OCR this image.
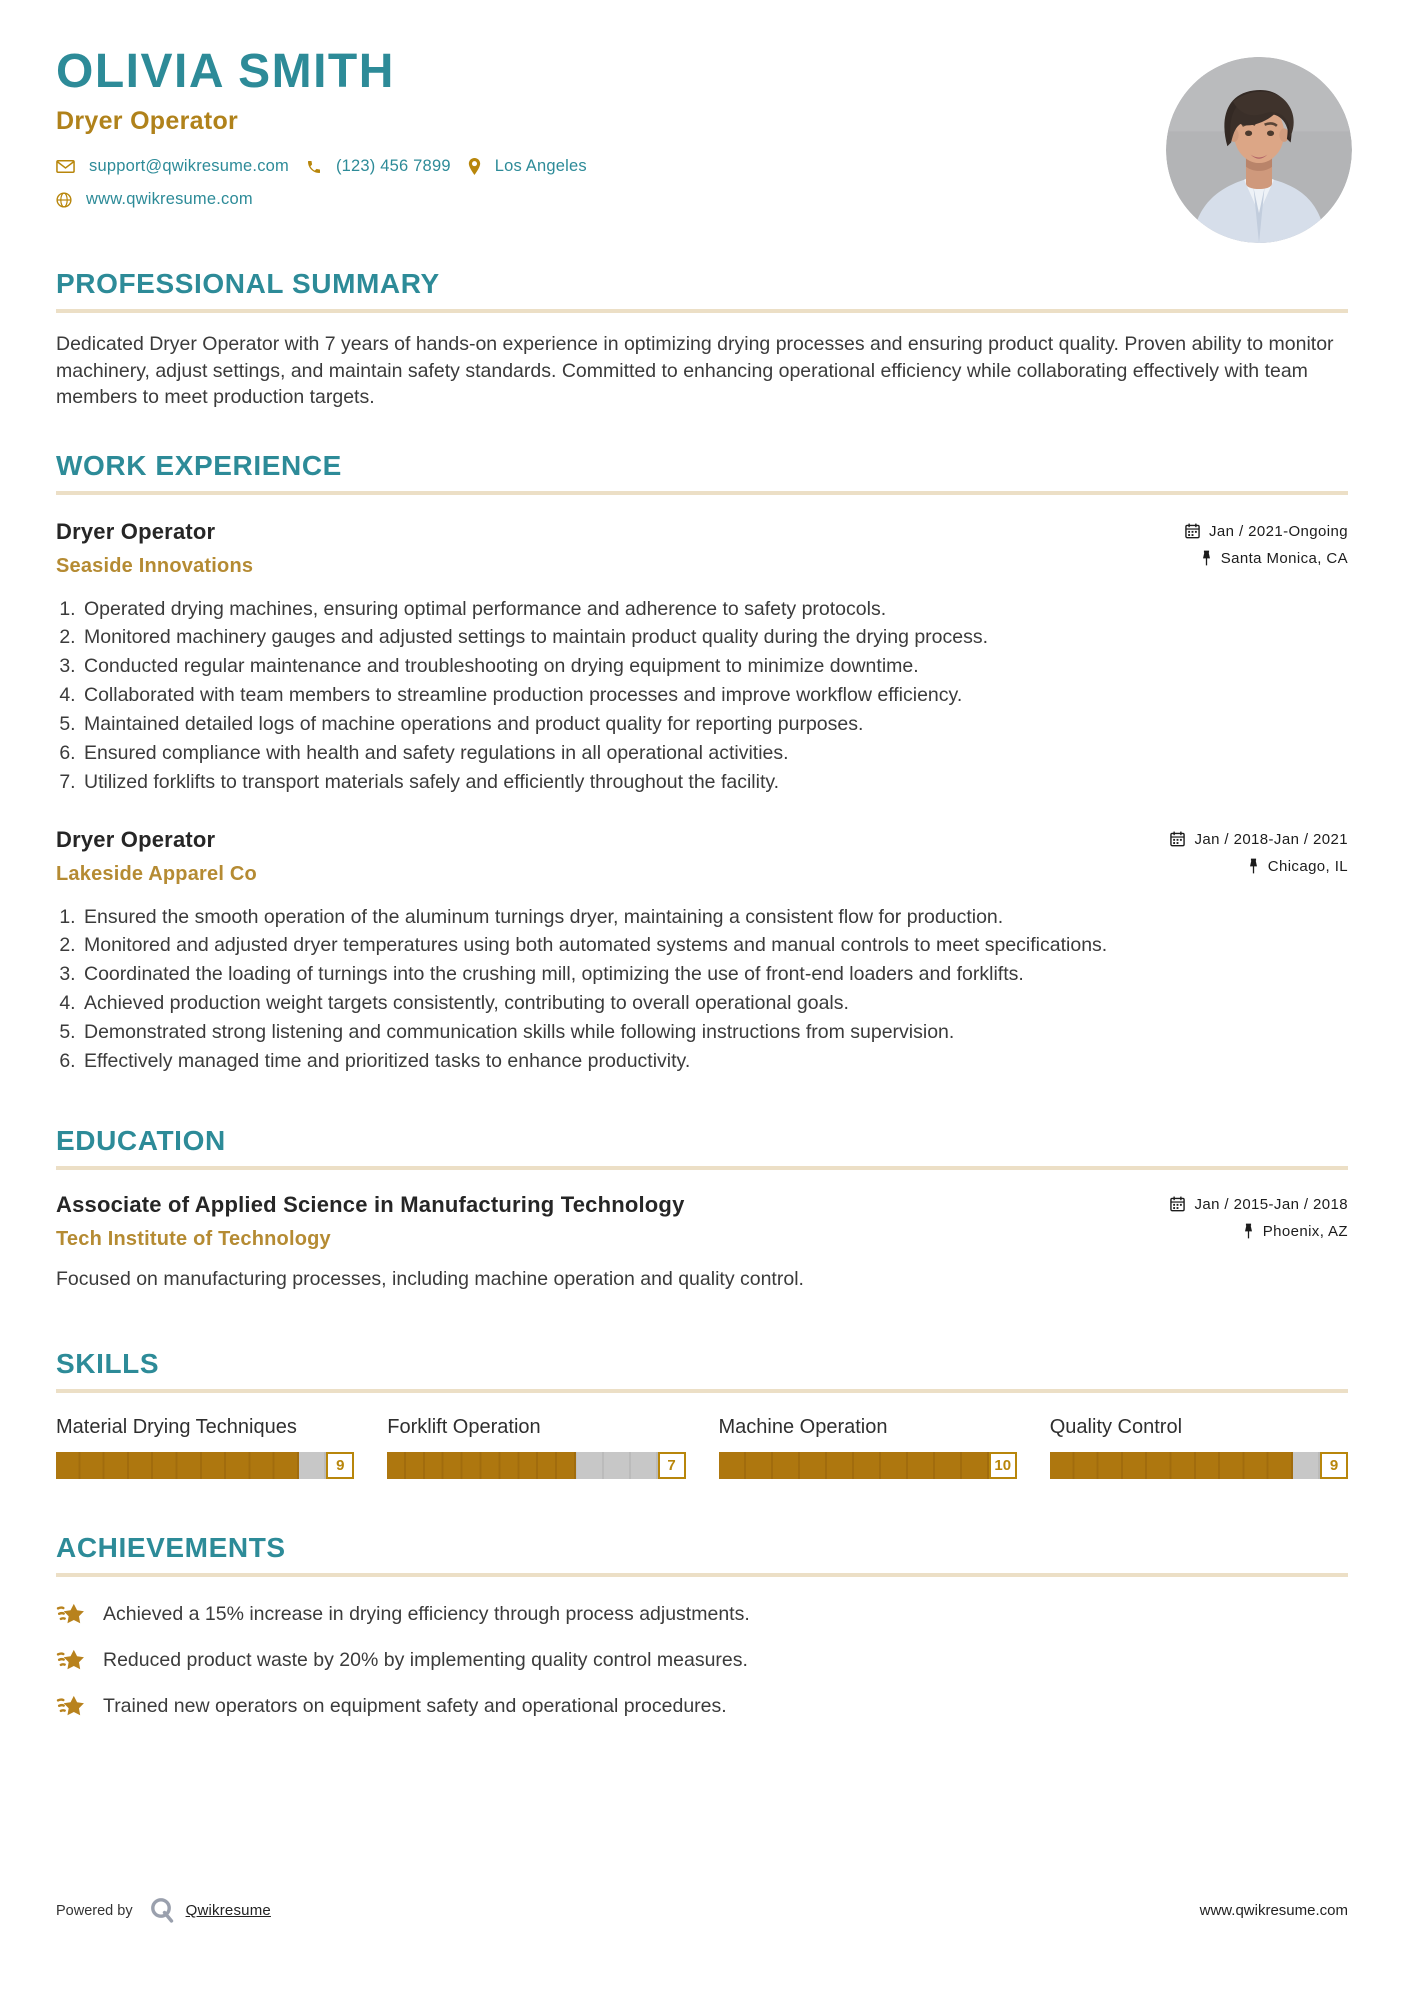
OLIVIA SMITH
Dryer Operator
support@qwikresume.com	(123) 456 7899	Los Angeles
www.qwikresume.com
PROFESSIONAL SUMMARY

Dedicated Dryer Operator with 7 years of hands-on experience in optimizing drying processes and ensuring product quality. Proven ability to monitor machinery, adjust settings, and maintain safety standards. Committed to enhancing operational efficiency while collaborating effectively with team members to meet production targets.

WORK EXPERIENCE
Dryer Operator
Seaside Innovations
Jan / 2021-Ongoing
Santa Monica, CA
1. Operated drying machines, ensuring optimal performance and adherence to safety protocols.
2. Monitored machinery gauges and adjusted settings to maintain product quality during the drying process.
3. Conducted regular maintenance and troubleshooting on drying equipment to minimize downtime.
4. Collaborated with team members to streamline production processes and improve workflow efficiency.
5. Maintained detailed logs of machine operations and product quality for reporting purposes.
6. Ensured compliance with health and safety regulations in all operational activities.
7. Utilized forklifts to transport materials safely and efficiently throughout the facility.
Dryer Operator
Lakeside Apparel Co
Jan / 2018-Jan / 2021
Chicago, IL
1. Ensured the smooth operation of the aluminum turnings dryer, maintaining a consistent flow for production.
2. Monitored and adjusted dryer temperatures using both automated systems and manual controls to meet specifications.
3. Coordinated the loading of turnings into the crushing mill, optimizing the use of front-end loaders and forklifts.
4. Achieved production weight targets consistently, contributing to overall operational goals.
5. Demonstrated strong listening and communication skills while following instructions from supervision.
6. Effectively managed time and prioritized tasks to enhance productivity.
EDUCATION
Associate of Applied Science in Manufacturing Technology
Tech Institute of Technology
Jan / 2015-Jan / 2018
Phoenix, AZ

Focused on manufacturing processes, including machine operation and quality control.

SKILLS
Material Drying Techniques
9
Forklift Operation
7
Machine Operation
10
Quality Control
9
ACHIEVEMENTS
Achieved a 15% increase in drying efficiency through process adjustments.
Reduced product waste by 20% by implementing quality control measures.
Trained new operators on equipment safety and operational procedures.
Powered by	Qwikresume	www.qwikresume.com
